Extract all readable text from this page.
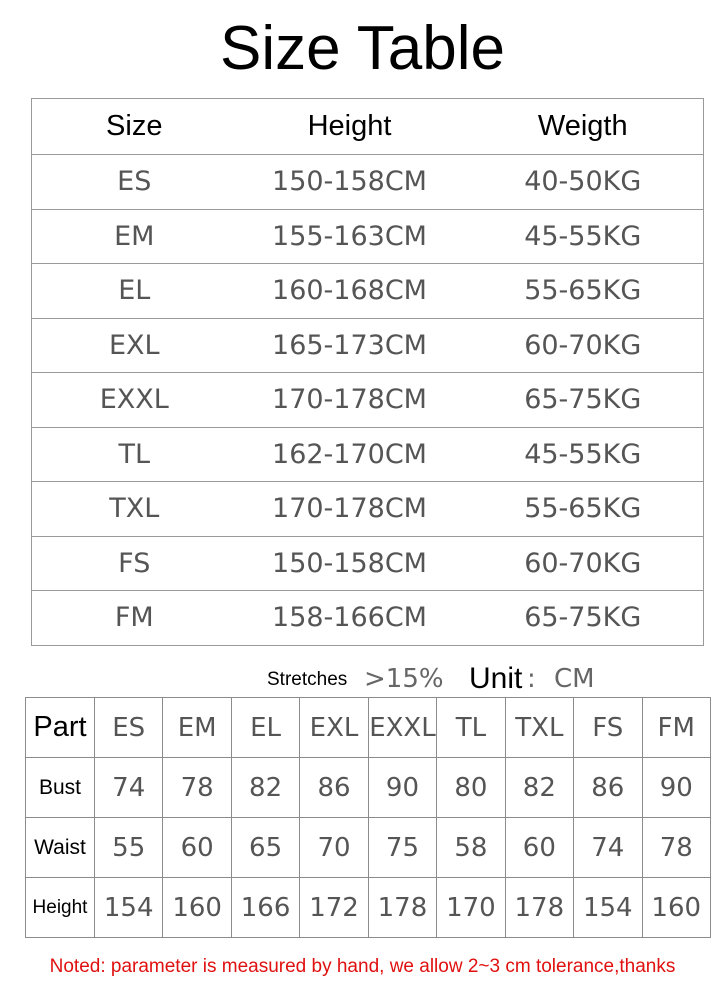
Size Table
Size	Height	Weigth
ES	150-158CM	40-50KG
EM	155-163CM	45-55KG
EL	160-168CM	55-65KG
EXL	165-173CM	60-70KG
EXXL	170-178CM	65-75KG
TL	162-170CM	45-55KG
TXL	170-178CM	55-65KG
FS	150-158CM	60-70KG
FM	158-166CM	65-75KG
Stretches >15% Unit : CM
Part	ES	EM	EL	EXL	EXXL	TL	TXL	FS	FM
Bust	74	78	82	86	90	80	82	86	90
Waist	55	60	65	70	75	58	60	74	78
Height	154	160	166	172	178	170	178	154	160
Noted: parameter is measured by hand, we allow 2~3 cm tolerance,thanks
